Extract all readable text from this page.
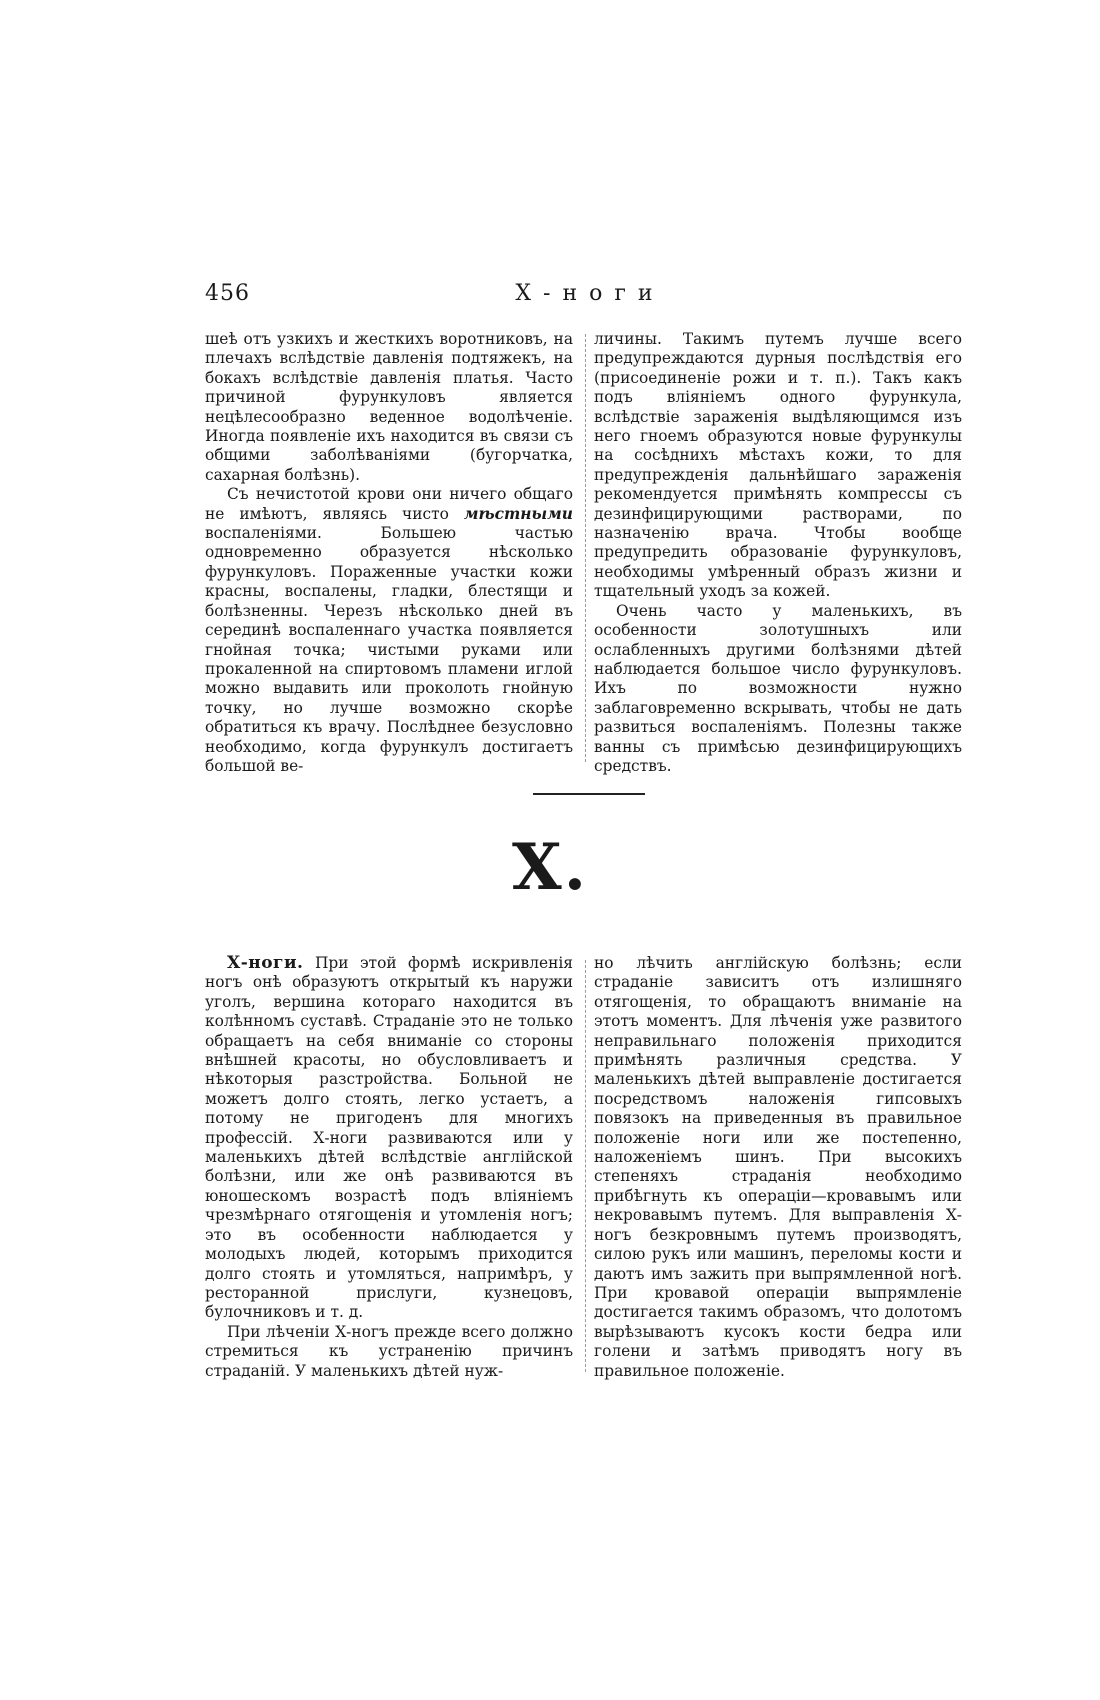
456	Х-ноги

шеѣ отъ узкихъ и жесткихъ воротниковъ, на плечахъ вслѣдствіе давленія подтяжекъ, на бокахъ вслѣдствіе давленія платья. Часто причиной фурункуловъ является нецѣлесообразно веденное водолѣченіе. Иногда появленіе ихъ находится въ связи съ общими заболѣваніями (бугорчатка, сахарная болѣзнь).

Съ нечистотой крови они ничего общаго не имѣютъ, являясь чисто мѣстными воспаленіями. Большею частью одновременно образуется нѣсколько фурункуловъ. Пораженные участки кожи красны, воспалены, гладки, блестящи и болѣзненны. Черезъ нѣсколько дней въ серединѣ воспаленнаго участка появляется гнойная точка; чистыми руками или прокаленной на спиртовомъ пламени иглой можно выдавить или проколоть гнойную точку, но лучше возможно скорѣе обратиться къ врачу. Послѣднее безусловно необходимо, когда фурункулъ достигаетъ большой ве-

личины. Такимъ путемъ лучше всего предупреждаются дурныя послѣдствія его (присоединеніе рожи и т. п.). Такъ какъ подъ вліяніемъ одного фурункула, вслѣдствіе зараженія выдѣляющимся изъ него гноемъ образуются новые фурункулы на сосѣднихъ мѣстахъ кожи, то для предупрежденія дальнѣйшаго зараженія рекомендуется примѣнять компрессы съ дезинфицирующими растворами, по назначенію врача. Чтобы вообще предупредить образованіе фурункуловъ, необходимы умѣренный образъ жизни и тщательный уходъ за кожей.

Очень часто у маленькихъ, въ особенности золотушныхъ или ослабленныхъ другими болѣзнями дѣтей наблюдается большое число фурункуловъ. Ихъ по возможности нужно заблаговременно вскрывать, чтобы не дать развиться воспаленіямъ. Полезны также ванны съ примѣсью дезинфицирующихъ средствъ.

X.

Х-ноги. При этой формѣ искривленія ногъ онѣ образуютъ открытый къ наружи уголъ, вершина котораго находится въ колѣнномъ суставѣ. Страданіе это не только обращаетъ на себя вниманіе со стороны внѣшней красоты, но обусловливаетъ и нѣкоторыя разстройства. Больной не можетъ долго стоять, легко устаетъ, а потому не пригоденъ для многихъ профессій. Х-ноги развиваются или у маленькихъ дѣтей вслѣдствіе англійской болѣзни, или же онѣ развиваются въ юношескомъ возрастѣ подъ вліяніемъ чрезмѣрнаго отягощенія и утомленія ногъ; это въ особенности наблюдается у молодыхъ людей, которымъ приходится долго стоять и утомляться, напримѣръ, у ресторанной прислуги, кузнецовъ, булочниковъ и т. д.

При лѣченіи Х-ногъ прежде всего должно стремиться къ устраненію причинъ страданій. У маленькихъ дѣтей нуж-

но лѣчить англійскую болѣзнь; если страданіе зависитъ отъ излишняго отягощенія, то обращаютъ вниманіе на этотъ моментъ. Для лѣченія уже развитого неправильнаго положенія приходится примѣнять различныя средства. У маленькихъ дѣтей выправленіе достигается посредствомъ наложенія гипсовыхъ повязокъ на приведенныя въ правильное положеніе ноги или же постепенно, наложеніемъ шинъ. При высокихъ степеняхъ страданія необходимо прибѣгнуть къ операціи—кровавымъ или некровавымъ путемъ. Для выправленія Х-ногъ безкровнымъ путемъ производятъ, силою рукъ или машинъ, переломы кости и даютъ имъ зажить при выпрямленной ногѣ. При кровавой операціи выпрямленіе достигается такимъ образомъ, что долотомъ вырѣзываютъ кусокъ кости бедра или голени и затѣмъ приводятъ ногу въ правильное положеніе.
